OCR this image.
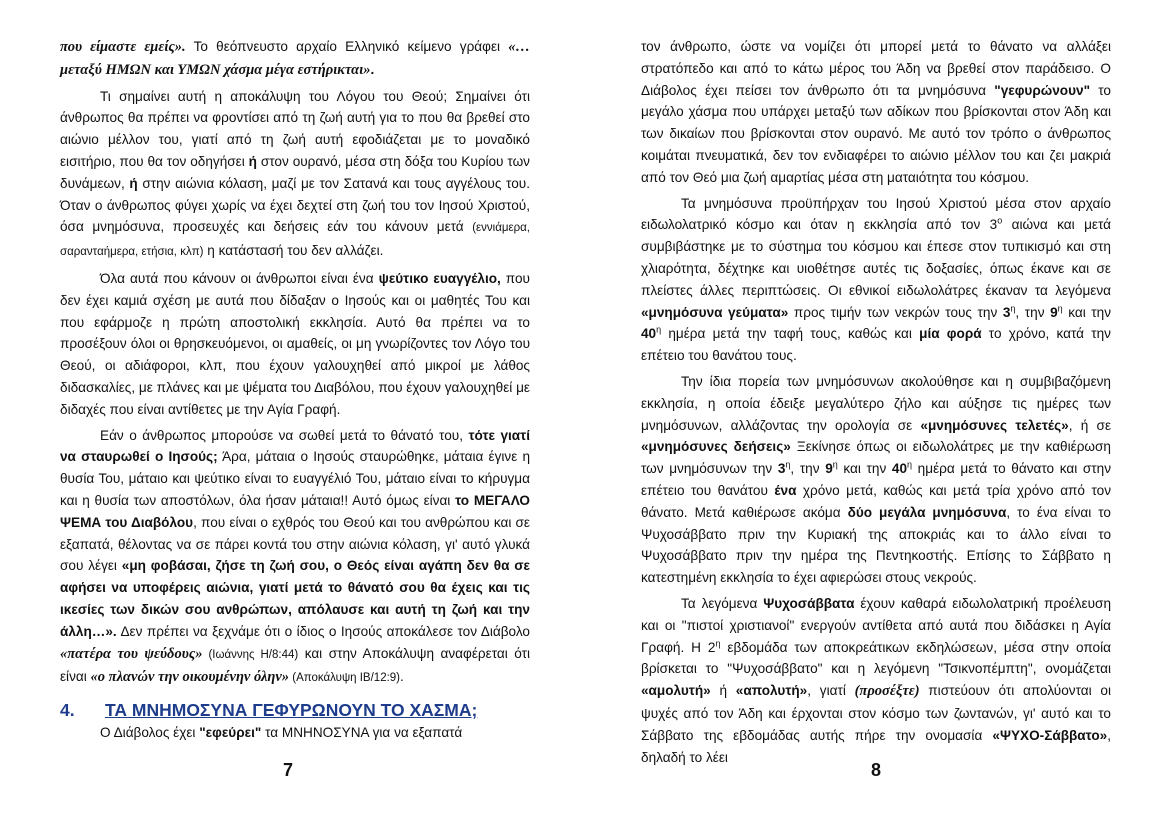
που είμαστε εμείς». Το θεόπνευστο αρχαίο Ελληνικό κείμενο γράφει «…μεταξύ ΗΜΩΝ και ΥΜΩΝ χάσμα μέγα εστήρικται».

Τι σημαίνει αυτή η αποκάλυψη του Λόγου του Θεού; Σημαίνει ότι άνθρωπος θα πρέπει να φροντίσει από τη ζωή αυτή για το που θα βρεθεί στο αιώνιο μέλλον του, γιατί από τη ζωή αυτή εφοδιάζεται με το μοναδικό εισιτήριο, που θα τον οδηγήσει ή στον ουρανό, μέσα στη δόξα του Κυρίου των δυνάμεων, ή στην αιώνια κόλαση, μαζί με τον Σατανά και τους αγγέλους του. Όταν ο άνθρωπος φύγει χωρίς να έχει δεχτεί στη ζωή του τον Ιησού Χριστού, όσα μνημόσυνα, προσευχές και δεήσεις εάν του κάνουν μετά (εννιάμερα, σαρανταήμερα, ετήσια, κλπ) η κατάστασή του δεν αλλάζει.

Όλα αυτά που κάνουν οι άνθρωποι είναι ένα ψεύτικο ευαγγέλιο, που δεν έχει καμιά σχέση με αυτά που δίδαξαν ο Ιησούς και οι μαθητές Του και που εφάρμοζε η πρώτη αποστολική εκκλησία. Αυτό θα πρέπει να το προσέξουν όλοι οι θρησκευόμενοι, οι αμαθείς, οι μη γνωρίζοντες τον Λόγο του Θεού, οι αδιάφοροι, κλπ, που έχουν γαλουχηθεί από μικροί με λάθος διδασκαλίες, με πλάνες και με ψέματα του Διαβόλου, που έχουν γαλουχηθεί με διδαχές που είναι αντίθετες με την Αγία Γραφή.

Εάν ο άνθρωπος μπορούσε να σωθεί μετά το θάνατό του, τότε γιατί να σταυρωθεί ο Ιησούς; Άρα, μάταια ο Ιησούς σταυρώθηκε, μάταια έγινε η θυσία Του, μάταιο και ψεύτικο είναι το ευαγγέλιό Του, μάταιο είναι το κήρυγμα και η θυσία των αποστόλων, όλα ήσαν μάταια!! Αυτό όμως είναι το ΜΕΓΑΛΟ ΨΕΜΑ του Διαβόλου, που είναι ο εχθρός του Θεού και του ανθρώπου και σε εξαπατά, θέλοντας να σε πάρει κοντά του στην αιώνια κόλαση, γι' αυτό γλυκά σου λέγει «μη φοβάσαι, ζήσε τη ζωή σου, ο Θεός είναι αγάπη δεν θα σε αφήσει να υποφέρεις αιώνια, γιατί μετά το θάνατό σου θα έχεις και τις ικεσίες των δικών σου ανθρώπων, απόλαυσε και αυτή τη ζωή και την άλλη…». Δεν πρέπει να ξεχνάμε ότι ο ίδιος ο Ιησούς αποκάλεσε τον Διάβολο «πατέρα του ψεύδους» (Ιωάννης Η/8:44) και στην Αποκάλυψη αναφέρεται ότι είναι «ο πλανών την οικουμένην όλην» (Αποκάλυψη ΙΒ/12:9).

4.	ΤΑ ΜΝΗΜΟΣΥΝΑ ΓΕΦΥΡΩΝΟΥΝ ΤΟ ΧΑΣΜΑ;

Ο Διάβολος έχει "εφεύρει" τα ΜΝΗΝΟΣΥΝΑ για να εξαπατά

7

τον άνθρωπο, ώστε να νομίζει ότι μπορεί μετά το θάνατο να αλλάξει στρατόπεδο και από το κάτω μέρος του Άδη να βρεθεί στον παράδεισο. Ο Διάβολος έχει πείσει τον άνθρωπο ότι τα μνημόσυνα "γεφυρώνουν" το μεγάλο χάσμα που υπάρχει μεταξύ των αδίκων που βρίσκονται στον Άδη και των δικαίων που βρίσκονται στον ουρανό. Με αυτό τον τρόπο ο άνθρωπος κοιμάται πνευματικά, δεν τον ενδιαφέρει το αιώνιο μέλλον του και ζει μακριά από τον Θεό μια ζωή αμαρτίας μέσα στη ματαιότητα του κόσμου.

Τα μνημόσυνα προϋπήρχαν του Ιησού Χριστού μέσα στον αρχαίο ειδωλολατρικό κόσμο και όταν η εκκλησία από τον $3^o$ αιώνα και μετά συμβιβάστηκε με το σύστημα του κόσμου και έπεσε στον τυπικισμό και στη χλιαρότητα, δέχτηκε και υιοθέτησε αυτές τις δοξασίες, όπως έκανε και σε πλείστες άλλες περιπτώσεις. Οι εθνικοί ειδωλολάτρες έκαναν τα λεγόμενα «μνημόσυνα γεύματα» προς τιμήν των νεκρών τους την $3^\eta$, την $9^\eta$ και την $40^\eta$ ημέρα μετά την ταφή τους, καθώς και μία φορά το χρόνο, κατά την επέτειο του θανάτου τους.

Την ίδια πορεία των μνημόσυνων ακολούθησε και η συμβιβαζόμενη εκκλησία, η οποία έδειξε μεγαλύτερο ζήλο και αύξησε τις ημέρες των μνημόσυνων, αλλάζοντας την ορολογία σε «μνημόσυνες τελετές», ή σε «μνημόσυνες δεήσεις» Ξεκίνησε όπως οι ειδωλολάτρες με την καθιέρωση των μνημόσυνων την $3^\eta$, την $9^\eta$ και την $40^\eta$ ημέρα μετά το θάνατο και στην επέτειο του θανάτου ένα χρόνο μετά, καθώς και μετά τρία χρόνο από τον θάνατο. Μετά καθιέρωσε ακόμα δύο μεγάλα μνημόσυνα, το ένα είναι το Ψυχοσάββατο πριν την Κυριακή της αποκριάς και το άλλο είναι το Ψυχοσάββατο πριν την ημέρα της Πεντηκοστής. Επίσης το Σάββατο η κατεστημένη εκκλησία το έχει αφιερώσει στους νεκρούς.

Τα λεγόμενα Ψυχοσάββατα έχουν καθαρά ειδωλολατρική προέλευση και οι "πιστοί χριστιανοί" ενεργούν αντίθετα από αυτά που διδάσκει η Αγία Γραφή. Η $2^\eta$ εβδομάδα των αποκρεάτικων εκδηλώσεων, μέσα στην οποία βρίσκεται το "Ψυχοσάββατο" και η λεγόμενη "Τσικνοπέμπτη", ονομάζεται «αμολυτή» ή «απολυτή», γιατί (προσέξτε) πιστεύουν ότι απολύονται οι ψυχές από τον Άδη και έρχονται στον κόσμο των ζωντανών, γι' αυτό και το Σάββατο της εβδομάδας αυτής πήρε την ονομασία «ΨΥΧΟ-Σάββατο», δηλαδή το λέει

8
